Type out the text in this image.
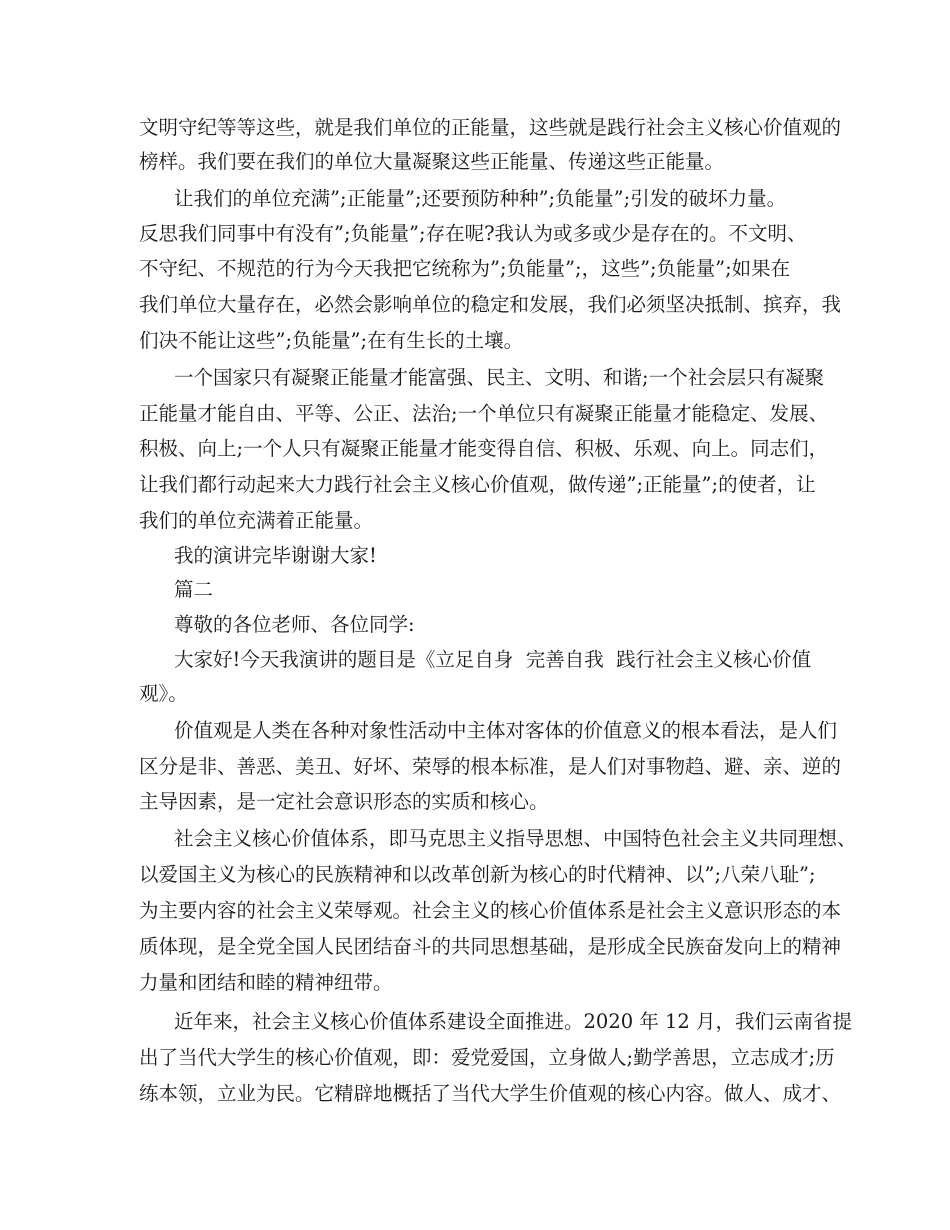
文明守纪等等这些，就是我们单位的正能量，这些就是践行社会主义核心价值观的
榜样。我们要在我们的单位大量凝聚这些正能量、传递这些正能量。
让我们的单位充满”;正能量”;还要预防种种”;负能量”;引发的破坏力量。
反思我们同事中有没有”;负能量”;存在呢?我认为或多或少是存在的。不文明、
不守纪、不规范的行为今天我把它统称为”;负能量”;，这些”;负能量”;如果在
我们单位大量存在，必然会影响单位的稳定和发展，我们必须坚决抵制、摈弃，我
们决不能让这些”;负能量”;在有生长的土壤。
一个国家只有凝聚正能量才能富强、民主、文明、和谐;一个社会层只有凝聚
正能量才能自由、平等、公正、法治;一个单位只有凝聚正能量才能稳定、发展、
积极、向上;一个人只有凝聚正能量才能变得自信、积极、乐观、向上。同志们，
让我们都行动起来大力践行社会主义核心价值观，做传递”;正能量”;的使者，让
我们的单位充满着正能量。
我的演讲完毕谢谢大家!
篇二
尊敬的各位老师、各位同学:
大家好!今天我演讲的题目是《立足自身  完善自我  践行社会主义核心价值
观》。
价值观是人类在各种对象性活动中主体对客体的价值意义的根本看法，是人们
区分是非、善恶、美丑、好坏、荣辱的根本标准，是人们对事物趋、避、亲、逆的
主导因素，是一定社会意识形态的实质和核心。
社会主义核心价值体系，即马克思主义指导思想、中国特色社会主义共同理想、
以爱国主义为核心的民族精神和以改革创新为核心的时代精神、以”;八荣八耻”;
为主要内容的社会主义荣辱观。社会主义的核心价值体系是社会主义意识形态的本
质体现，是全党全国人民团结奋斗的共同思想基础，是形成全民族奋发向上的精神
力量和团结和睦的精神纽带。
近年来，社会主义核心价值体系建设全面推进。2020 年 12 月，我们云南省提
出了当代大学生的核心价值观，即：爱党爱国，立身做人;勤学善思，立志成才;历
练本领，立业为民。它精辟地概括了当代大学生价值观的核心内容。做人、成才、
